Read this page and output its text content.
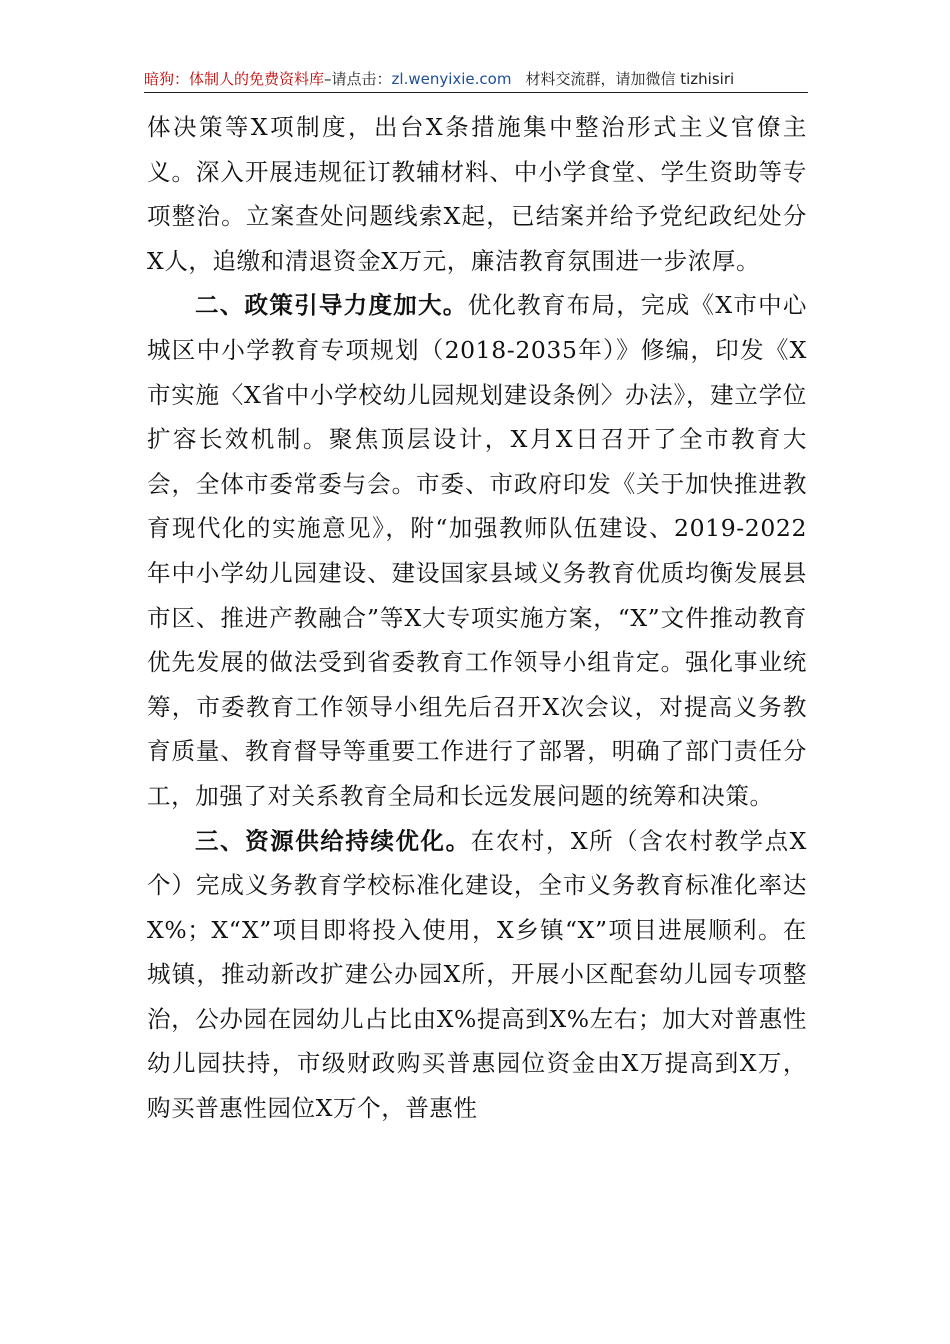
暗狗：体制人的免费资料库–请点击：zl.wenyixie.com 材料交流群，请加微信 tizhisiri

体决策等X项制度，出台X条措施集中整治形式主义官僚主义。深入开展违规征订教辅材料、中小学食堂、学生资助等专项整治。立案查处问题线索X起，已结案并给予党纪政纪处分X人，追缴和清退资金X万元，廉洁教育氛围进一步浓厚。

二、政策引导力度加大。优化教育布局，完成《X市中心城区中小学教育专项规划（2018-2035年）》修编，印发《X市实施〈X省中小学校幼儿园规划建设条例〉办法》，建立学位扩容长效机制。聚焦顶层设计，X月X日召开了全市教育大会，全体市委常委与会。市委、市政府印发《关于加快推进教育现代化的实施意见》，附“加强教师队伍建设、2019-2022年中小学幼儿园建设、建设国家县域义务教育优质均衡发展县市区、推进产教融合”等X大专项实施方案，“X”文件推动教育优先发展的做法受到省委教育工作领导小组肯定。强化事业统筹，市委教育工作领导小组先后召开X次会议，对提高义务教育质量、教育督导等重要工作进行了部署，明确了部门责任分工，加强了对关系教育全局和长远发展问题的统筹和决策。

三、资源供给持续优化。在农村，X所（含农村教学点X个）完成义务教育学校标准化建设，全市义务教育标准化率达X%；X“X”项目即将投入使用，X乡镇“X”项目进展顺利。在城镇，推动新改扩建公办园X所，开展小区配套幼儿园专项整治，公办园在园幼儿占比由X%提高到X%左右；加大对普惠性幼儿园扶持，市级财政购买普惠园位资金由X万提高到X万，购买普惠性园位X万个，普惠性
